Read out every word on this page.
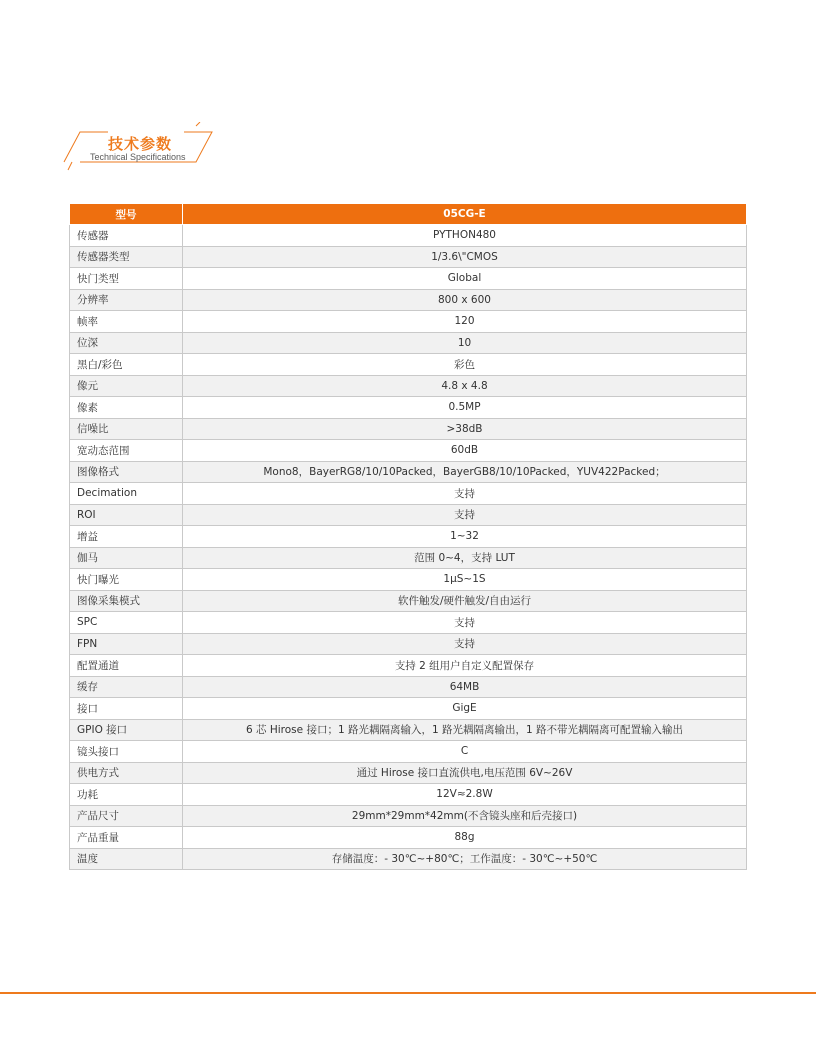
技术参数
Technical Specifications
型号	05CG-E
传感器	PYTHON480
传感器类型	1/3.6\"CMOS
快门类型	Global
分辨率	800 x 600
帧率	120
位深	10
黑白/彩色	彩色
像元	4.8 x 4.8
像素	0.5MP
信噪比	>38dB
宽动态范围	60dB
图像格式	Mono8，BayerRG8/10/10Packed，BayerGB8/10/10Packed，YUV422Packed；
Decimation	支持
ROI	支持
增益	1~32
伽马	范围 0~4，支持 LUT
快门曝光	1μS~1S
图像采集模式	软件触发/硬件触发/自由运行
SPC	支持
FPN	支持
配置通道	支持 2 组用户自定义配置保存
缓存	64MB
接口	GigE
GPIO 接口	6 芯 Hirose 接口；1 路光耦隔离输入，1 路光耦隔离输出，1 路不带光耦隔离可配置输入输出
镜头接口	C
供电方式	通过 Hirose 接口直流供电,电压范围 6V~26V
功耗	12V≈2.8W
产品尺寸	29mm*29mm*42mm(不含镜头座和后壳接口)
产品重量	88g
温度	存储温度：- 30℃~+80℃；工作温度：- 30℃~+50℃
